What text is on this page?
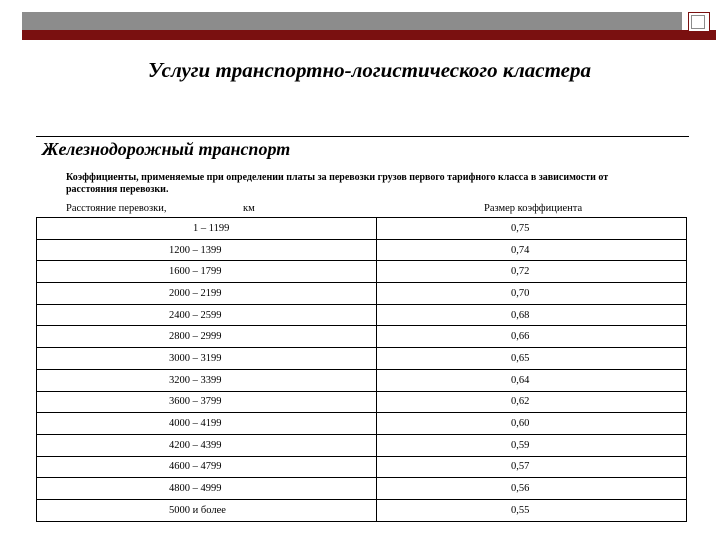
Услуги транспортно-логистического кластера
Железнодорожный транспорт
Коэффициенты, применяемые при определении платы за перевозки грузов первого тарифного класса в зависимости от расстояния перевозки.
Расстояние перевозки,	км	Размер коэффициента
1 – 1199	0,75
1200 – 1399	0,74
1600 – 1799	0,72
2000 – 2199	0,70
2400 – 2599	0,68
2800 – 2999	0,66
3000 – 3199	0,65
3200 – 3399	0,64
3600 – 3799	0,62
4000 – 4199	0,60
4200 – 4399	0,59
4600 – 4799	0,57
4800 – 4999	0,56
5000 и более	0,55
